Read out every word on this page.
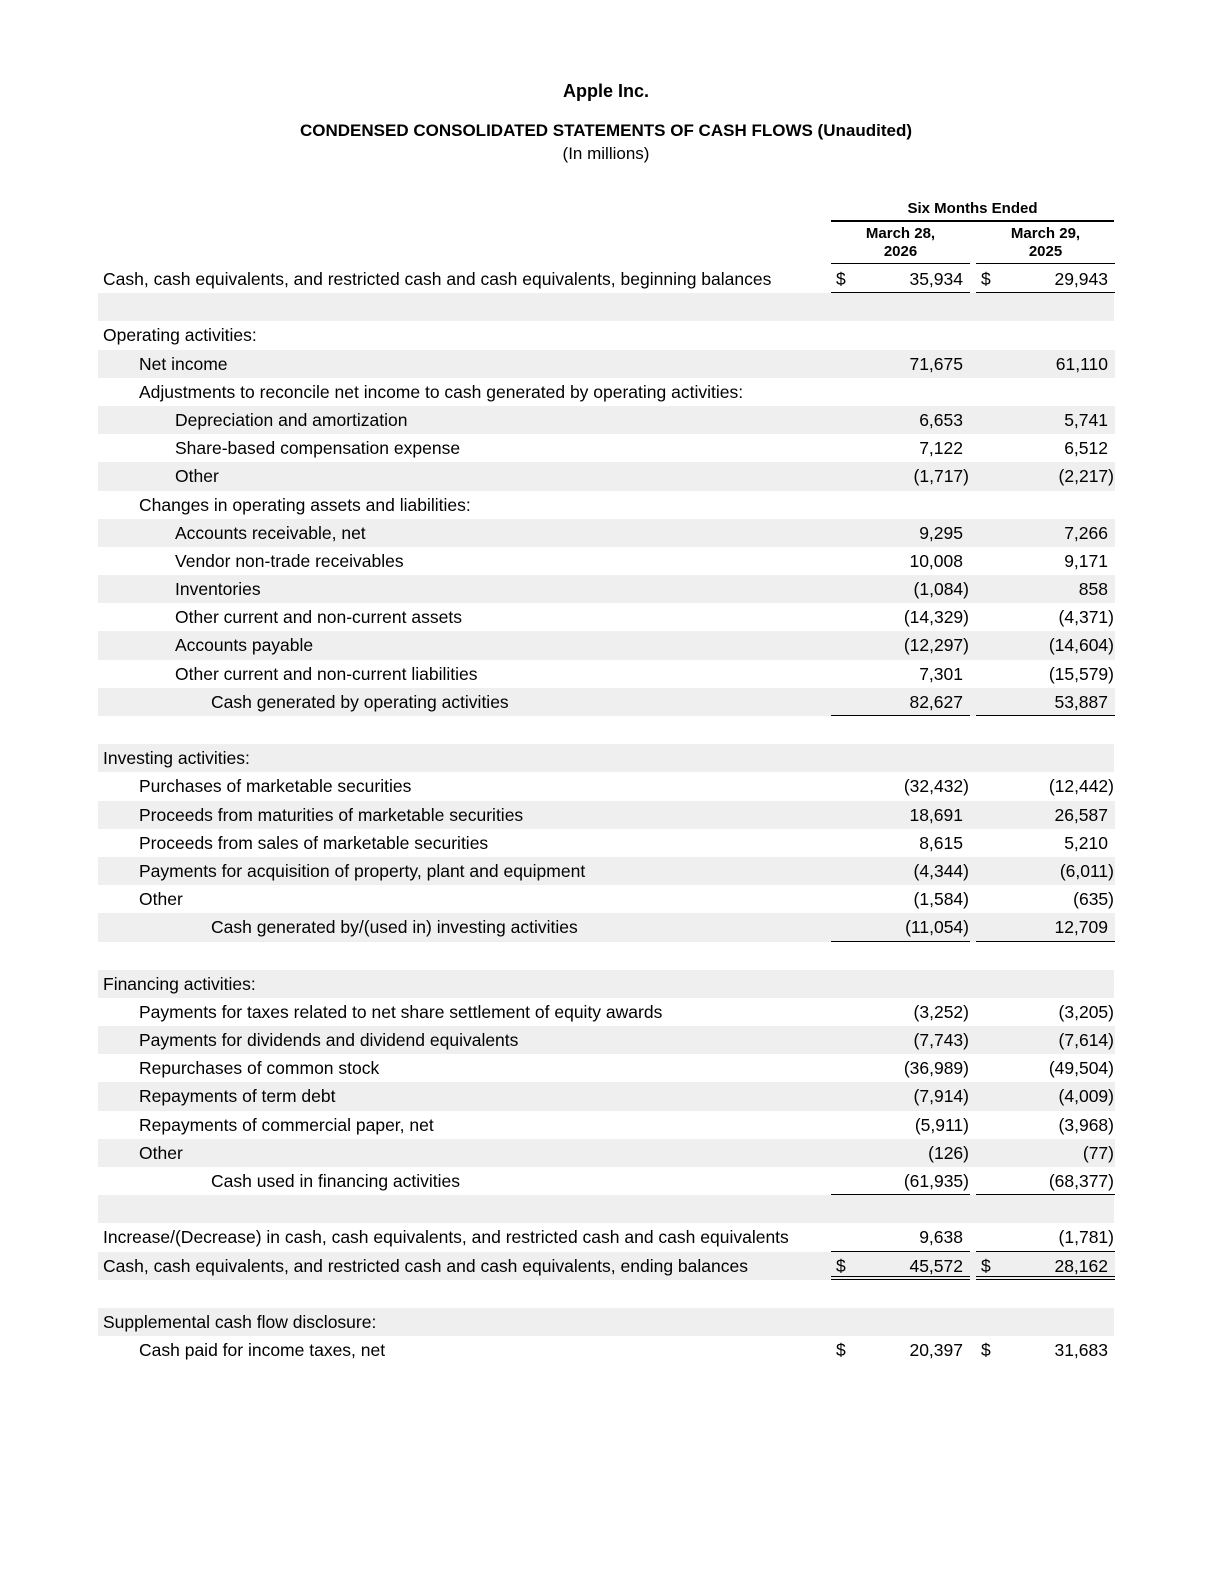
Apple Inc.
CONDENSED CONSOLIDATED STATEMENTS OF CASH FLOWS (Unaudited)
(In millions)
Six Months Ended
March 28,
2026
March 29,
2025
Cash, cash equivalents, and restricted cash and cash equivalents, beginning balances	$	35,934 $	29,943
Operating activities:
Net income	71,675	61,110
Adjustments to reconcile net income to cash generated by operating activities:
Depreciation and amortization	6,653	5,741
Share-based compensation expense	7,122	6,512
Other	(1,717)	(2,217)
Changes in operating assets and liabilities:
Accounts receivable, net	9,295	7,266
Vendor non-trade receivables	10,008	9,171
Inventories	(1,084)	858
Other current and non-current assets	(14,329)	(4,371)
Accounts payable	(12,297)	(14,604)
Other current and non-current liabilities	7,301	(15,579)
Cash generated by operating activities	82,627	53,887
Investing activities:
Purchases of marketable securities	(32,432)	(12,442)
Proceeds from maturities of marketable securities	18,691	26,587
Proceeds from sales of marketable securities	8,615	5,210
Payments for acquisition of property, plant and equipment	(4,344)	(6,011)
Other	(1,584)	(635)
Cash generated by/(used in) investing activities	(11,054)	12,709
Financing activities:
Payments for taxes related to net share settlement of equity awards	(3,252)	(3,205)
Payments for dividends and dividend equivalents	(7,743)	(7,614)
Repurchases of common stock	(36,989)	(49,504)
Repayments of term debt	(7,914)	(4,009)
Repayments of commercial paper, net	(5,911)	(3,968)
Other	(126)	(77)
Cash used in financing activities	(61,935)	(68,377)
Increase/(Decrease) in cash, cash equivalents, and restricted cash and cash equivalents	9,638	(1,781)
Cash, cash equivalents, and restricted cash and cash equivalents, ending balances	$	45,572 $	28,162
Supplemental cash flow disclosure:
Cash paid for income taxes, net	$	20,397 $	31,683
